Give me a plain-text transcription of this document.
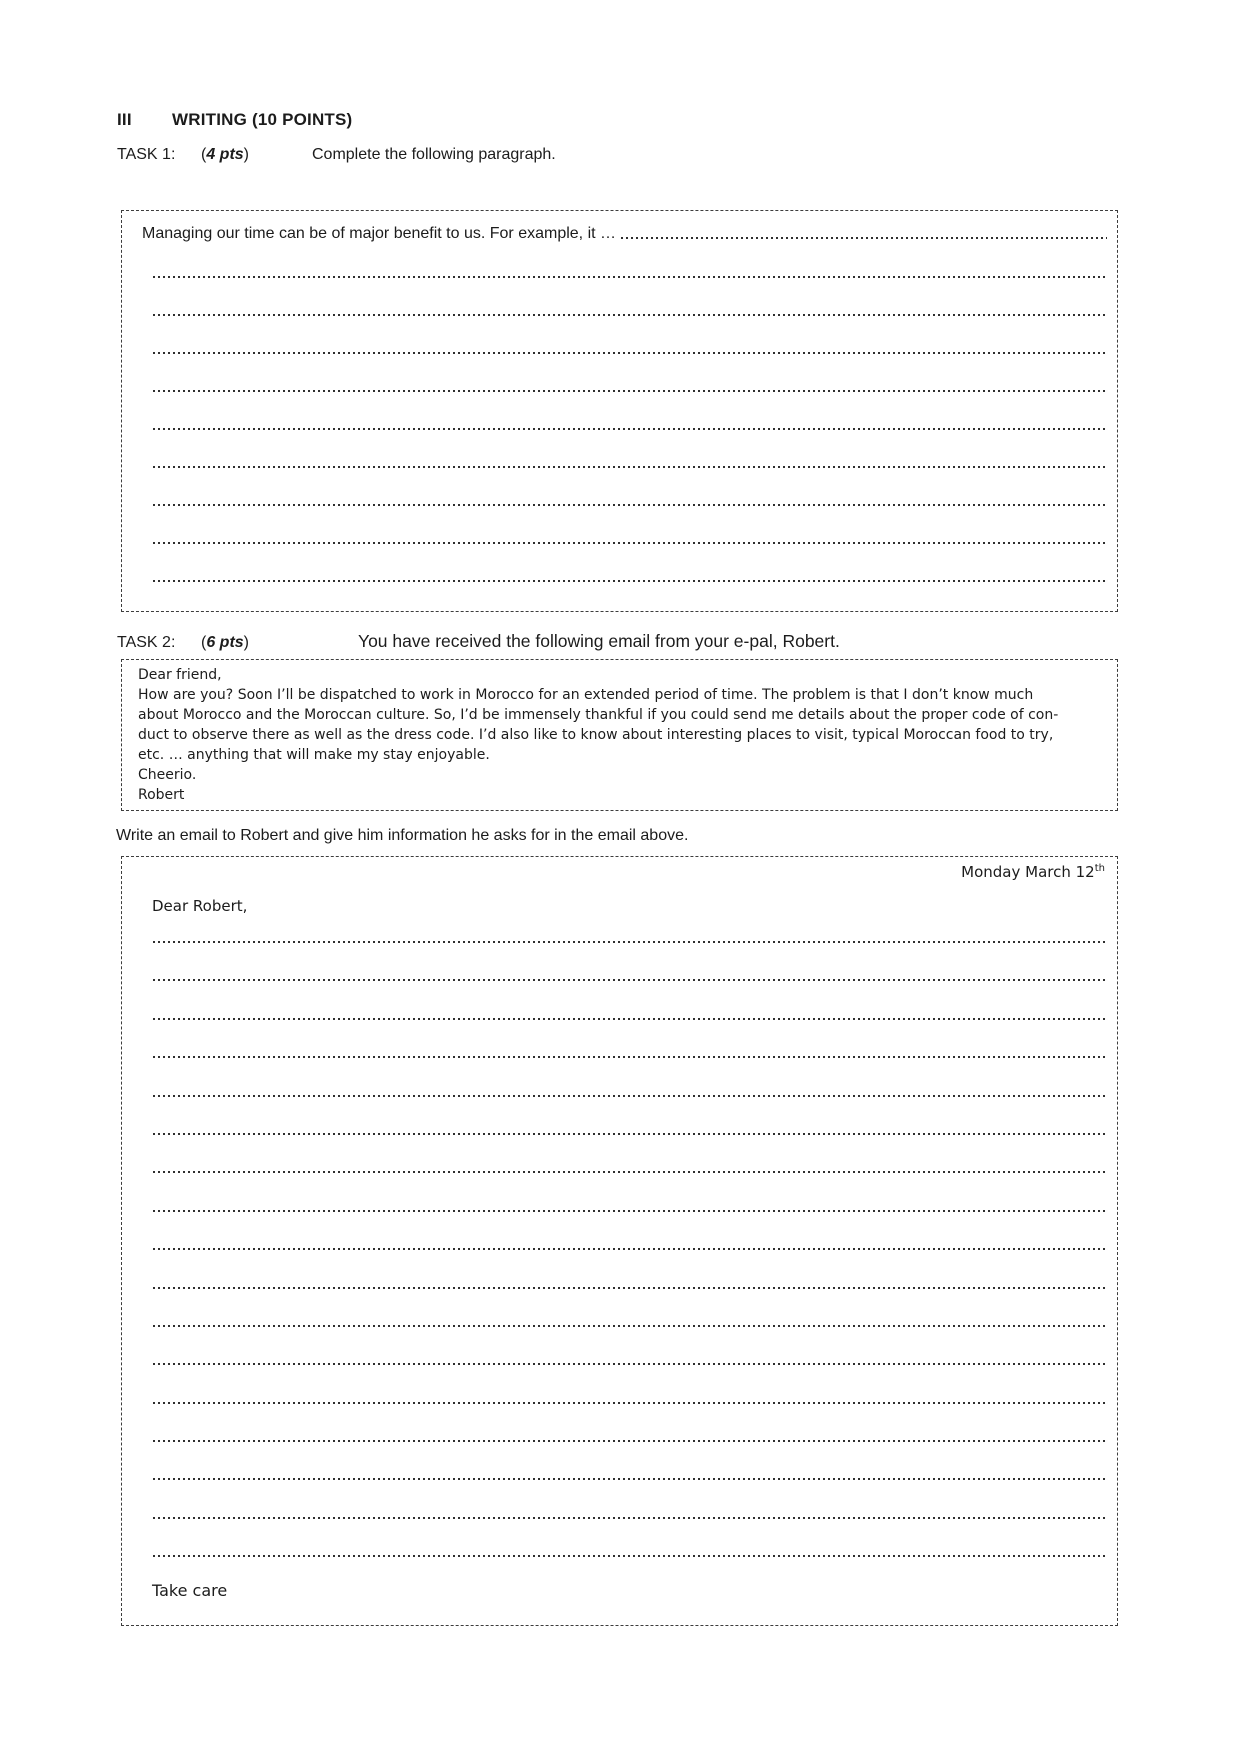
III WRITING (10 POINTS)
TASK 1: (4 pts)	Complete the following paragraph.
Managing our time can be of major benefit to us. For example, it …
TASK 2: (6 pts)	You have received the following email from your e-pal, Robert.
Dear friend,
How are you? Soon I’ll be dispatched to work in Morocco for an extended period of time. The problem is that I don’t know much
about Morocco and the Moroccan culture. So, I’d be immensely thankful if you could send me details about the proper code of con-
duct to observe there as well as the dress code. I’d also like to know about interesting places to visit, typical Moroccan food to try,
etc. … anything that will make my stay enjoyable.
Cheerio.
Robert
Write an email to Robert and give him information he asks for in the email above.
Monday March 12th
Dear Robert,
Take care
